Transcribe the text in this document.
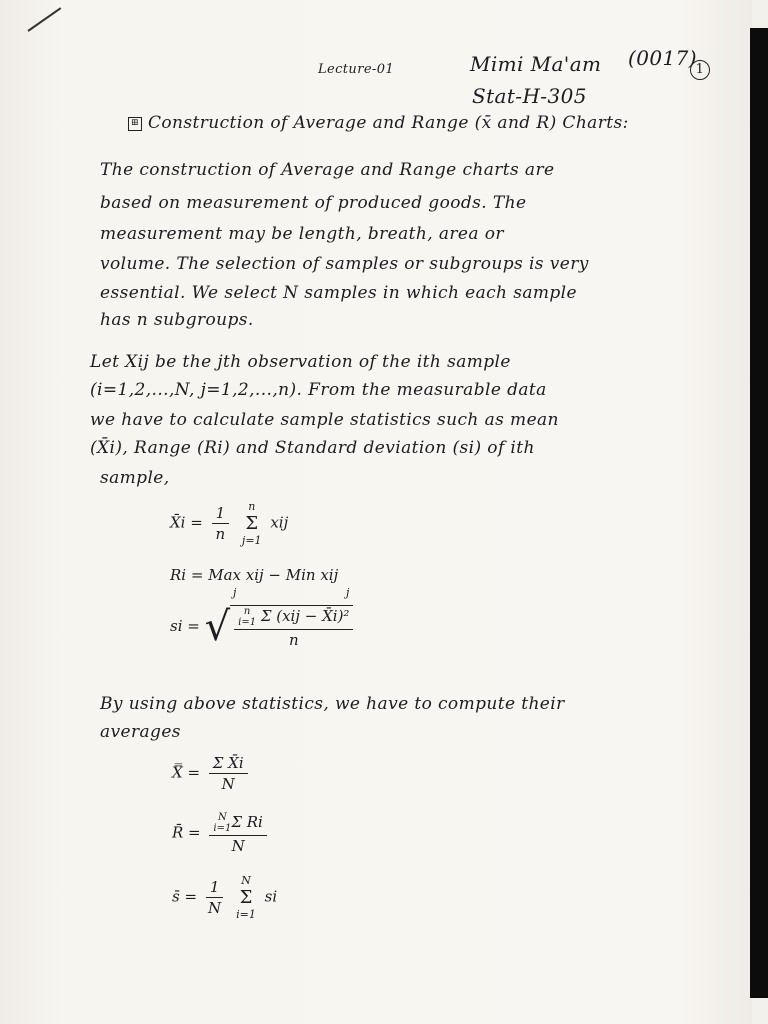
Lecture-01	Mimi Ma'am (0017)
1
Stat-H-305
⊞ Construction of Average and Range (x̄ and R) Charts:
The construction of Average and Range charts are
based on measurement of produced goods. The
measurement may be length, breath, area or
volume. The selection of samples or subgroups is very
essential. We select N samples in which each sample
has n subgroups.
Let Xij be the jth observation of the ith sample
(i=1,2,...,N, j=1,2,...,n). From the measurable data
we have to calculate sample statistics such as mean
(X̄i), Range (Ri) and Standard deviation (si) of ith
sample,
X̄i = $\frac{1}{n}$
n
Σ
j=1
xij
Ri = Max xij − Min xij
j	j
si = √ n
i=1 Σ (xij − X̄i)²
n
By using above statistics, we have to compute their
averages
X̿ = $\frac{\text{Σ X̄i}}{N}$
R̄ = N
i=1 Σ Ri
N
s̄ = $\frac{1}{N}$
N
Σ
i=1
si
